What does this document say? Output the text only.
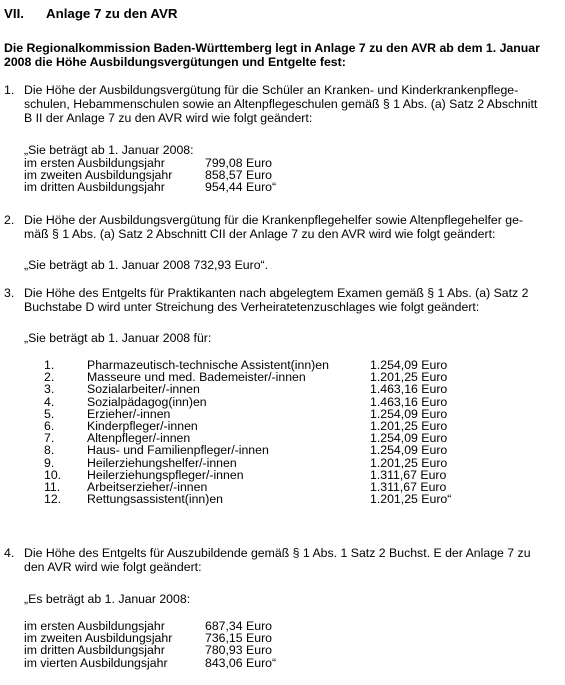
VII. Anlage 7 zu den AVR
Die Regionalkommission Baden-Württemberg legt in Anlage 7 zu den AVR ab dem 1. Januar
2008 die Höhe Ausbildungsvergütungen und Entgelte fest:
1. Die Höhe der Ausbildungsvergütung für die Schüler an Kranken- und Kinderkrankenpflege-
schulen, Hebammenschulen sowie an Altenpflegeschulen gemäß § 1 Abs. (a) Satz 2 Abschnitt
B II der Anlage 7 zu den AVR wird wie folgt geändert:
„Sie beträgt ab 1. Januar 2008:
im ersten Ausbildungsjahr	799,08 Euro
im zweiten Ausbildungsjahr	858,57 Euro
im dritten Ausbildungsjahr	954,44 Euro“
2. Die Höhe der Ausbildungsvergütung für die Krankenpflegehelfer sowie Altenpflegehelfer ge-
mäß § 1 Abs. (a) Satz 2 Abschnitt CII der Anlage 7 zu den AVR wird wie folgt geändert:
„Sie beträgt ab 1. Januar 2008 732,93 Euro“.
3. Die Höhe des Entgelts für Praktikanten nach abgelegtem Examen gemäß § 1 Abs. (a) Satz 2
Buchstabe D wird unter Streichung des Verheiratetenzuschlages wie folgt geändert:
„Sie beträgt ab 1. Januar 2008 für:
1.	Pharmazeutisch-technische Assistent(inn)en	1.254,09 Euro
2.	Masseure und med. Bademeister/-innen	1.201,25 Euro
3.	Sozialarbeiter/-innen	1.463,16 Euro
4.	Sozialpädagog(inn)en	1.463,16 Euro
5.	Erzieher/-innen	1.254,09 Euro
6.	Kinderpfleger/-innen	1.201,25 Euro
7.	Altenpfleger/-innen	1.254,09 Euro
8.	Haus- und Familienpfleger/-innen	1.254,09 Euro
9.	Heilerziehungshelfer/-innen	1.201,25 Euro
10.	Heilerziehungspfleger/-innen	1.311,67 Euro
11.	Arbeitserzieher/-innen	1.311,67 Euro
12.	Rettungsassistent(inn)en	1.201,25 Euro“
4. Die Höhe des Entgelts für Auszubildende gemäß § 1 Abs. 1 Satz 2 Buchst. E der Anlage 7 zu
den AVR wird wie folgt geändert:
„Es beträgt ab 1. Januar 2008:
im ersten Ausbildungsjahr	687,34 Euro
im zweiten Ausbildungsjahr	736,15 Euro
im dritten Ausbildungsjahr	780,93 Euro
im vierten Ausbildungsjahr	843,06 Euro“
